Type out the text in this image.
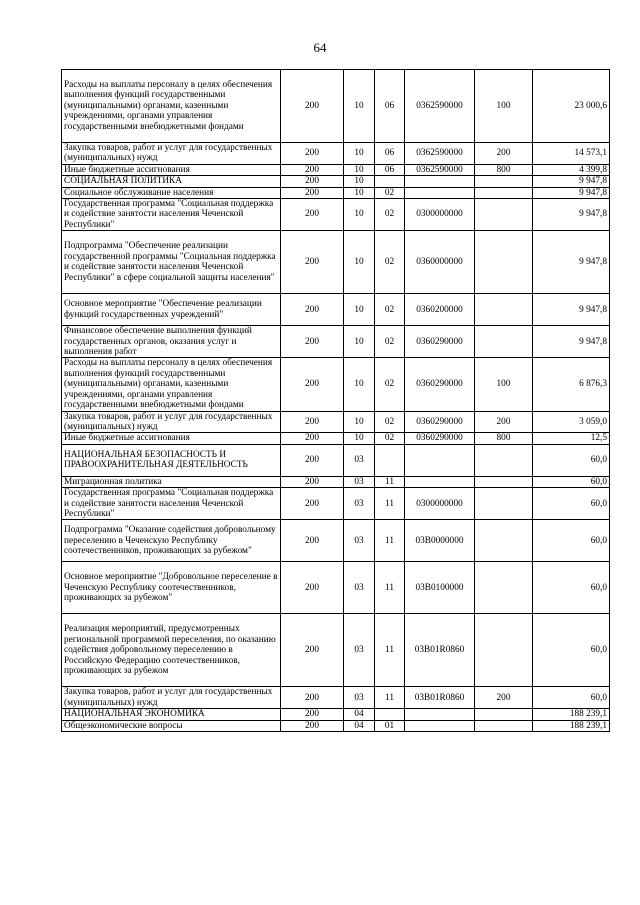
64
Расходы на выплаты персоналу в целях обеспечения выполнения функций государственными (муниципальными) органами, казенными учреждениями, органами управления государственными внебюджетными фондами	200	10	06	0362590000	100	23 000,6
Закупка товаров, работ и услуг для государственных (муниципальных) нужд	200	10	06	0362590000	200	14 573,1
Иные бюджетные ассигнования	200	10	06	0362590000	800	4 399,8
СОЦИАЛЬНАЯ ПОЛИТИКА	200	10				9 947,8
Социальное обслуживание населения	200	10	02			9 947,8
Государственная программа "Социальная поддержка и содействие занятости населения Чеченской Республики"	200	10	02	0300000000		9 947,8
Подпрограмма "Обеспечение реализации государственной программы "Социальная поддержка и содействие занятости населения Чеченской Республики" в сфере социальной защиты населения"	200	10	02	0360000000		9 947,8
Основное мероприятие "Обеспечение реализации функций государственных учреждений"	200	10	02	0360200000		9 947,8
Финансовое обеспечение выполнения функций государственных органов, оказания услуг и выполнения работ	200	10	02	0360290000		9 947,8
Расходы на выплаты персоналу в целях обеспечения выполнения функций государственными (муниципальными) органами, казенными учреждениями, органами управления государственными внебюджетными фондами	200	10	02	0360290000	100	6 876,3
Закупка товаров, работ и услуг для государственных (муниципальных) нужд	200	10	02	0360290000	200	3 059,0
Иные бюджетные ассигнования	200	10	02	0360290000	800	12,5
НАЦИОНАЛЬНАЯ БЕЗОПАСНОСТЬ И ПРАВООХРАНИТЕЛЬНАЯ ДЕЯТЕЛЬНОСТЬ	200	03				60,0
Миграционная политика	200	03	11			60,0
Государственная программа "Социальная поддержка и содействие занятости населения Чеченской Республики"	200	03	11	0300000000		60,0
Подпрограмма "Оказание содействия добровольному переселению в Чеченскую Республику соотечественников, проживающих за рубежом"	200	03	11	03В0000000		60,0
Основное мероприятие "Добровольное переселение в Чеченскую Республику соотечественников, проживающих за рубежом"	200	03	11	03В0100000		60,0
Реализация мероприятий, предусмотренных региональной программой переселения, по оказанию содействия добровольному переселению в Российскую Федерацию соотечественников, проживающих за рубежом	200	03	11	03В01R0860		60,0
Закупка товаров, работ и услуг для государственных (муниципальных) нужд	200	03	11	03В01R0860	200	60,0
НАЦИОНАЛЬНАЯ ЭКОНОМИКА	200	04				188 239,1
Общеэкономические вопросы	200	04	01			188 239,1
